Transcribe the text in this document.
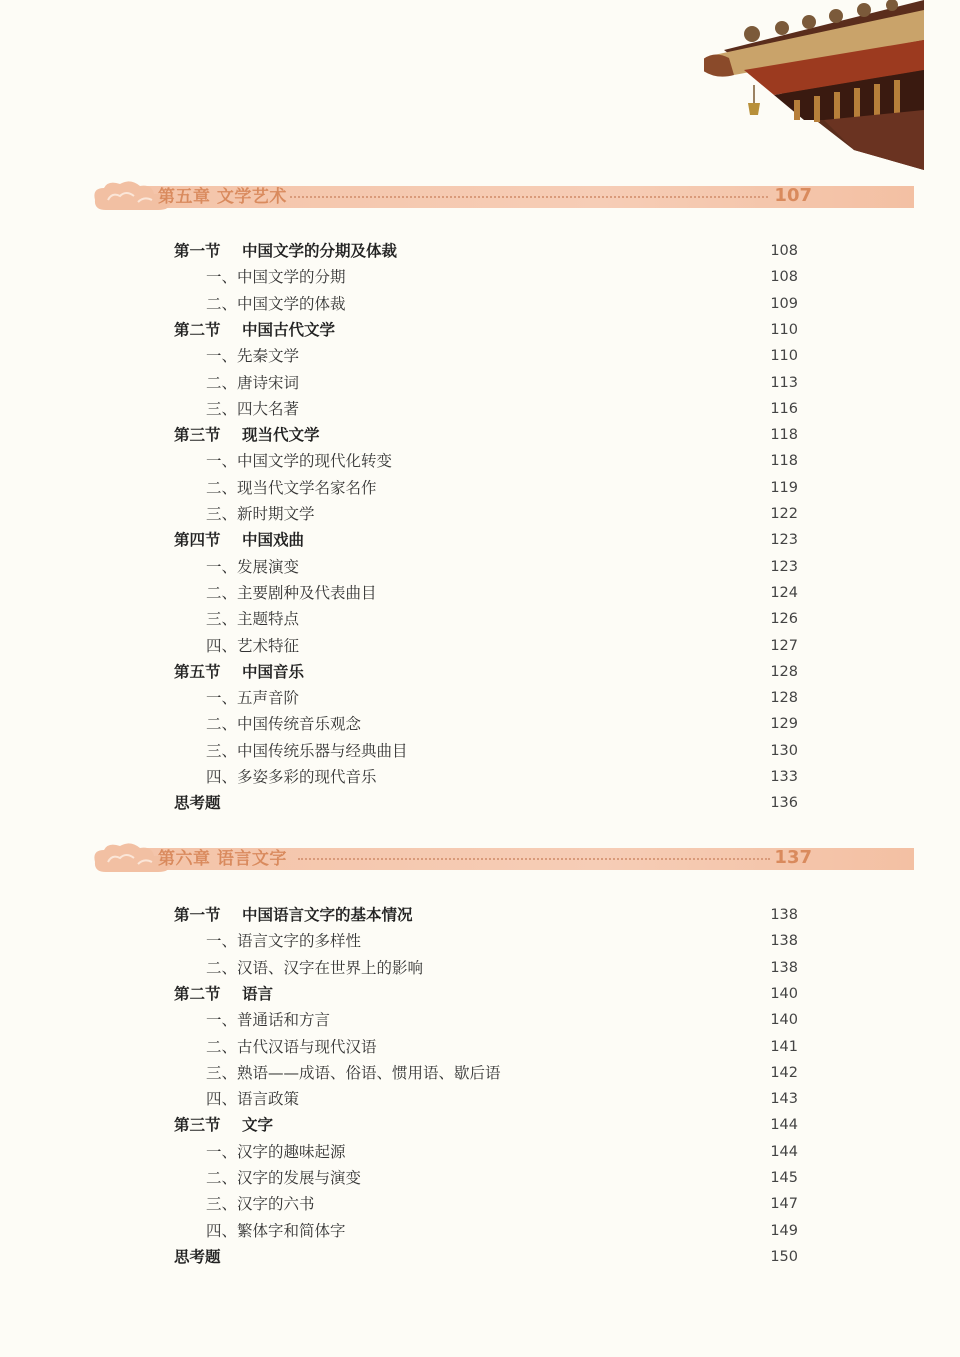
第五章 文学艺术	107
第一节 中国文学的分期及体裁	108
一、中国文学的分期	108
二、中国文学的体裁	109
第二节 中国古代文学	110
一、先秦文学	110
二、唐诗宋词	113
三、四大名著	116
第三节 现当代文学	118
一、中国文学的现代化转变	118
二、现当代文学名家名作	119
三、新时期文学	122
第四节 中国戏曲	123
一、发展演变	123
二、主要剧种及代表曲目	124
三、主题特点	126
四、艺术特征	127
第五节 中国音乐	128
一、五声音阶	128
二、中国传统音乐观念	129
三、中国传统乐器与经典曲目	130
四、多姿多彩的现代音乐	133
思考题	136
第六章 语言文字	137
第一节 中国语言文字的基本情况	138
一、语言文字的多样性	138
二、汉语、汉字在世界上的影响	138
第二节 语言	140
一、普通话和方言	140
二、古代汉语与现代汉语	141
三、熟语——成语、俗语、惯用语、歇后语	142
四、语言政策	143
第三节 文字	144
一、汉字的趣味起源	144
二、汉字的发展与演变	145
三、汉字的六书	147
四、繁体字和简体字	149
思考题	150
